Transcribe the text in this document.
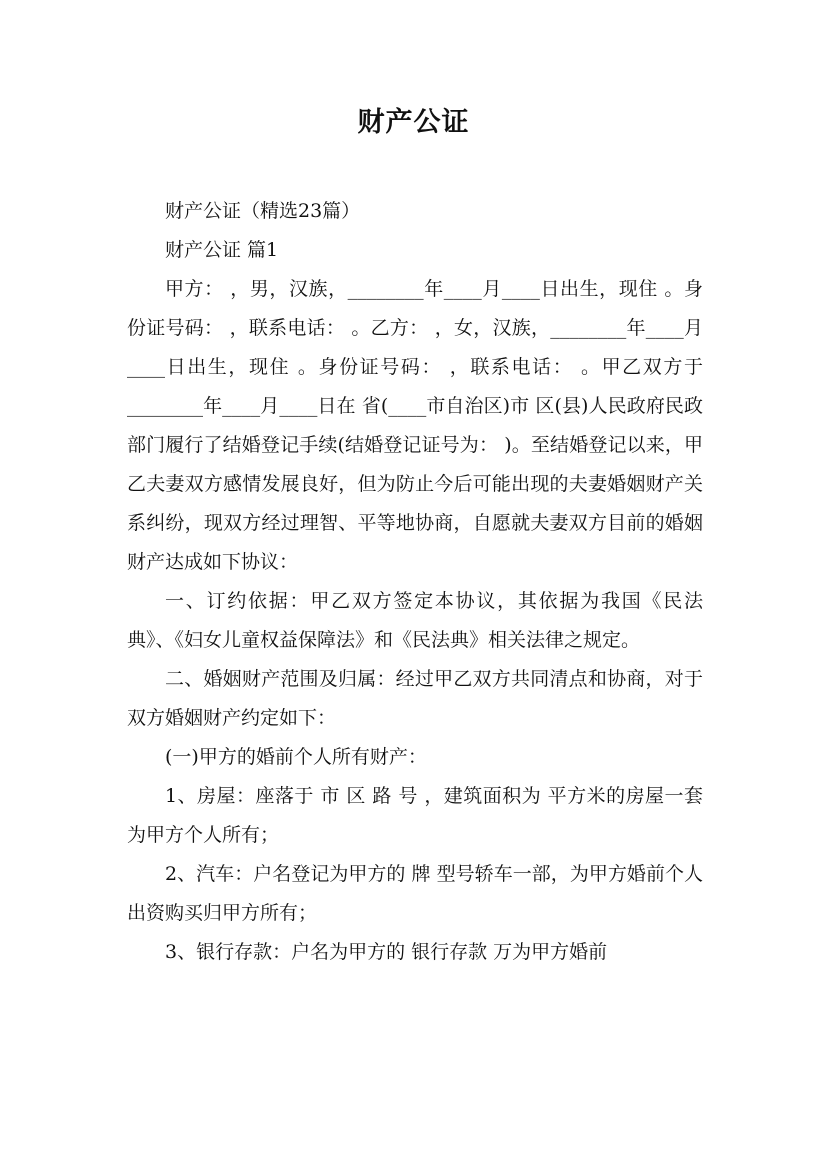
财产公证

财产公证（精选23篇）

财产公证 篇1

甲方： ，男，汉族，________年____月____日出生，现住 。身份证号码： ，联系电话： 。乙方： ，女，汉族，________年____月____日出生，现住 。身份证号码： ，联系电话： 。甲乙双方于________年____月____日在 省(____市自治区)市 区(县)人民政府民政部门履行了结婚登记手续(结婚登记证号为： )。至结婚登记以来，甲乙夫妻双方感情发展良好，但为防止今后可能出现的夫妻婚姻财产关系纠纷，现双方经过理智、平等地协商，自愿就夫妻双方目前的婚姻财产达成如下协议：

一、订约依据：甲乙双方签定本协议，其依据为我国《民法典》、《妇女儿童权益保障法》和《民法典》相关法律之规定。

二、婚姻财产范围及归属：经过甲乙双方共同清点和协商，对于双方婚姻财产约定如下：

(一)甲方的婚前个人所有财产：

1、房屋：座落于 市 区 路 号 ，建筑面积为 平方米的房屋一套为甲方个人所有；

2、汽车：户名登记为甲方的 牌 型号轿车一部，为甲方婚前个人出资购买归甲方所有；

3、银行存款：户名为甲方的 银行存款 万为甲方婚前
